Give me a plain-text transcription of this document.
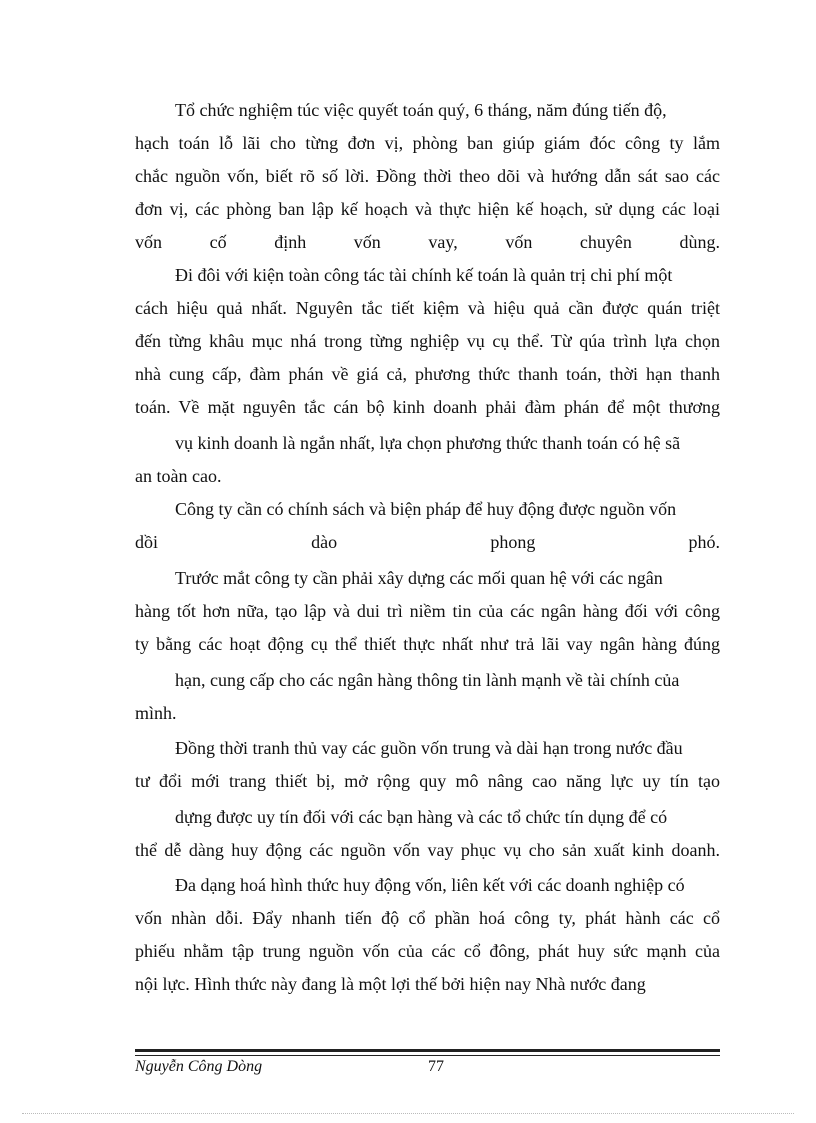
Tổ chức nghiệm túc việc quyết toán quý, 6 tháng, năm đúng tiến độ,
hạch toán lỗ lãi cho từng đơn vị, phòng ban giúp giám đóc công ty lắm
chắc nguồn vốn, biết rõ số lời. Đồng thời theo dõi và hướng dẫn sát sao các
đơn vị, các phòng ban lập kế hoạch và thực hiện kế hoạch, sử dụng các loại
vốn cố định vốn vay, vốn chuyên dùng.
Đi đôi với kiện toàn công tác tài chính kế toán là quản trị chi phí một
cách hiệu quả nhất. Nguyên tắc tiết kiệm và hiệu quả cần được quán triệt
đến từng khâu mục nhá trong từng nghiệp vụ cụ thể. Từ qúa trình lựa chọn
nhà cung cấp, đàm phán về giá cả, phương thức thanh toán, thời hạn thanh
toán. Về mặt nguyên tắc cán bộ kinh doanh phải đàm phán để một thương
vụ kinh doanh là ngắn nhất, lựa chọn phương thức thanh toán có hệ sã
an toàn cao.
Công ty cần có chính sách và biện pháp để huy động được nguồn vốn
dồi dào phong phó.
Trước mắt công ty cần phải xây dựng các mối quan hệ với các ngân
hàng tốt hơn nữa, tạo lập và dui trì niềm tin của các ngân hàng đối với công
ty bằng các hoạt động cụ thể thiết thực nhất như trả lãi vay ngân hàng đúng
hạn, cung cấp cho các ngân hàng thông tin lành mạnh về tài chính của
mình.
Đồng thời tranh thủ vay các guồn vốn trung và dài hạn trong nước đầu
tư đổi mới trang thiết bị, mở rộng quy mô nâng cao năng lực uy tín tạo
dựng được uy tín đối với các bạn hàng và các tổ chức tín dụng để có
thể dễ dàng huy động các nguồn vốn vay phục vụ cho sản xuất kinh doanh.
Đa dạng hoá hình thức huy động vốn, liên kết với các doanh nghiệp có
vốn nhàn dỗi. Đẩy nhanh tiến độ cổ phần hoá công ty, phát hành các cổ
phiếu nhằm tập trung nguồn vốn của các cổ đông, phát huy sức mạnh của
nội lực. Hình thức này đang là một lợi thế bởi hiện nay Nhà nước đang
Nguyễn Công Dòng	77
